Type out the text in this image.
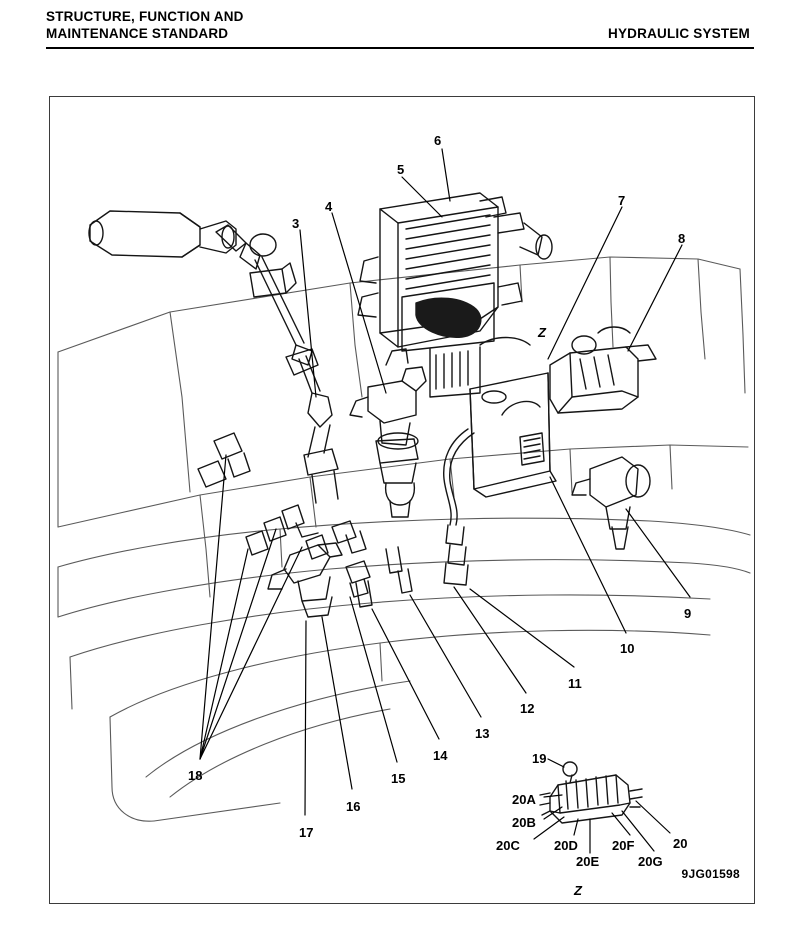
STRUCTURE, FUNCTION AND
MAINTENANCE STANDARD	HYDRAULIC SYSTEM
3
4
5
6
7
8
9
10
11
12
13
14
15
16
17
18
19
20
20A
20B
20C	20D
20E
20F
20G
Z
Z
9JG01598
